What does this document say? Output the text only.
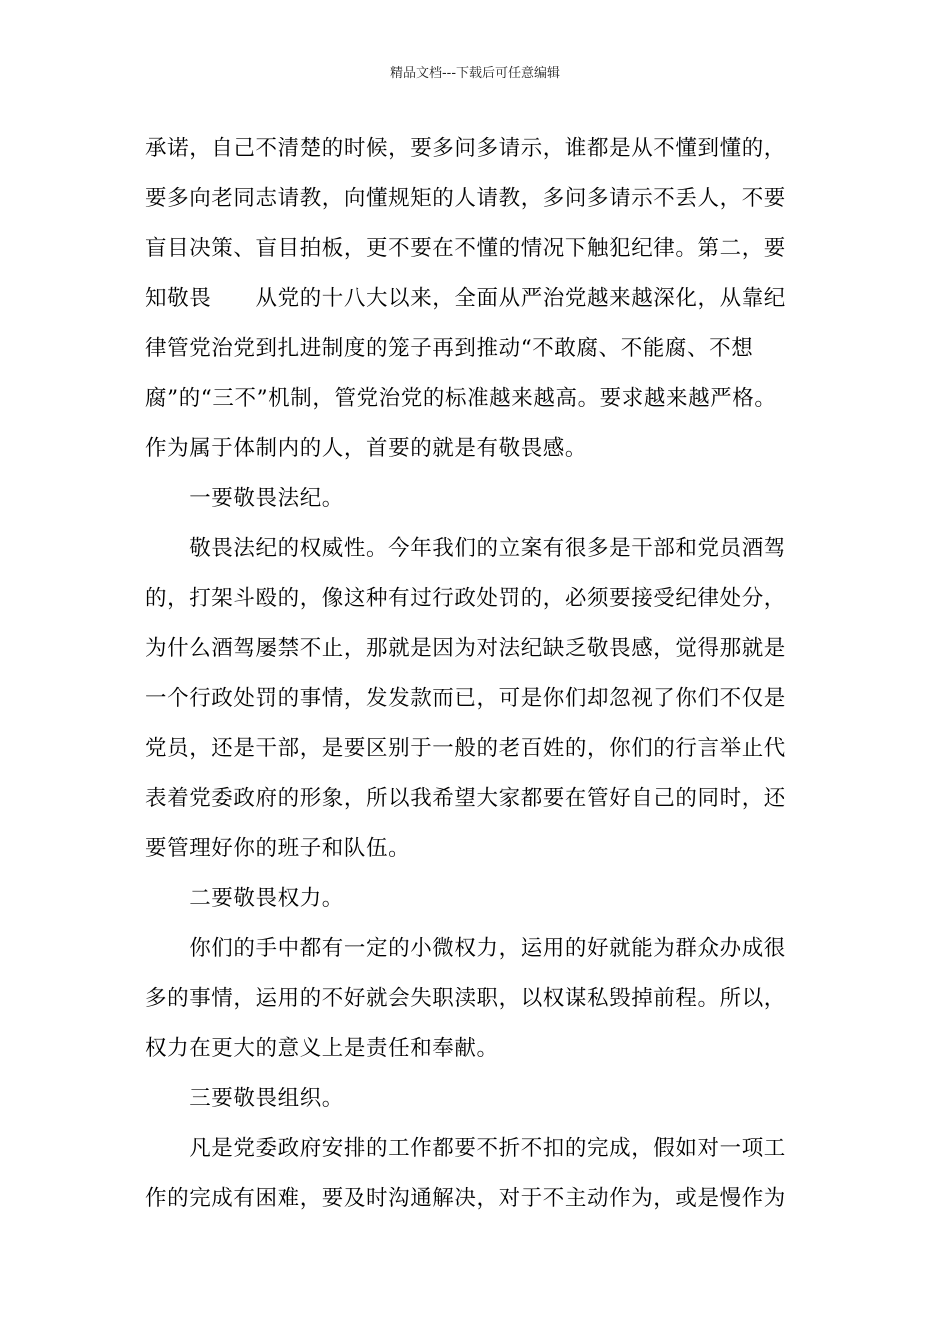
精品文档---下载后可任意编辑
承诺，自己不清楚的时候，要多问多请示，谁都是从不懂到懂的，
要多向老同志请教，向懂规矩的人请教，多问多请示不丢人，不要
盲目决策、盲目拍板，更不要在不懂的情况下触犯纪律。第二，要
知敬畏　　从党的十八大以来，全面从严治党越来越深化，从靠纪
律管党治党到扎进制度的笼子再到推动“不敢腐、不能腐、不想
腐”的“三不”机制，管党治党的标准越来越高。要求越来越严格。
作为属于体制内的人，首要的就是有敬畏感。
　　一要敬畏法纪。
　　敬畏法纪的权威性。今年我们的立案有很多是干部和党员酒驾
的，打架斗殴的，像这种有过行政处罚的，必须要接受纪律处分，
为什么酒驾屡禁不止，那就是因为对法纪缺乏敬畏感，觉得那就是
一个行政处罚的事情，发发款而已，可是你们却忽视了你们不仅是
党员，还是干部，是要区别于一般的老百姓的，你们的行言举止代
表着党委政府的形象，所以我希望大家都要在管好自己的同时，还
要管理好你的班子和队伍。
　　二要敬畏权力。
　　你们的手中都有一定的小微权力，运用的好就能为群众办成很
多的事情，运用的不好就会失职渎职，以权谋私毁掉前程。所以，
权力在更大的意义上是责任和奉献。
　　三要敬畏组织。
　　凡是党委政府安排的工作都要不折不扣的完成，假如对一项工
作的完成有困难，要及时沟通解决，对于不主动作为，或是慢作为
